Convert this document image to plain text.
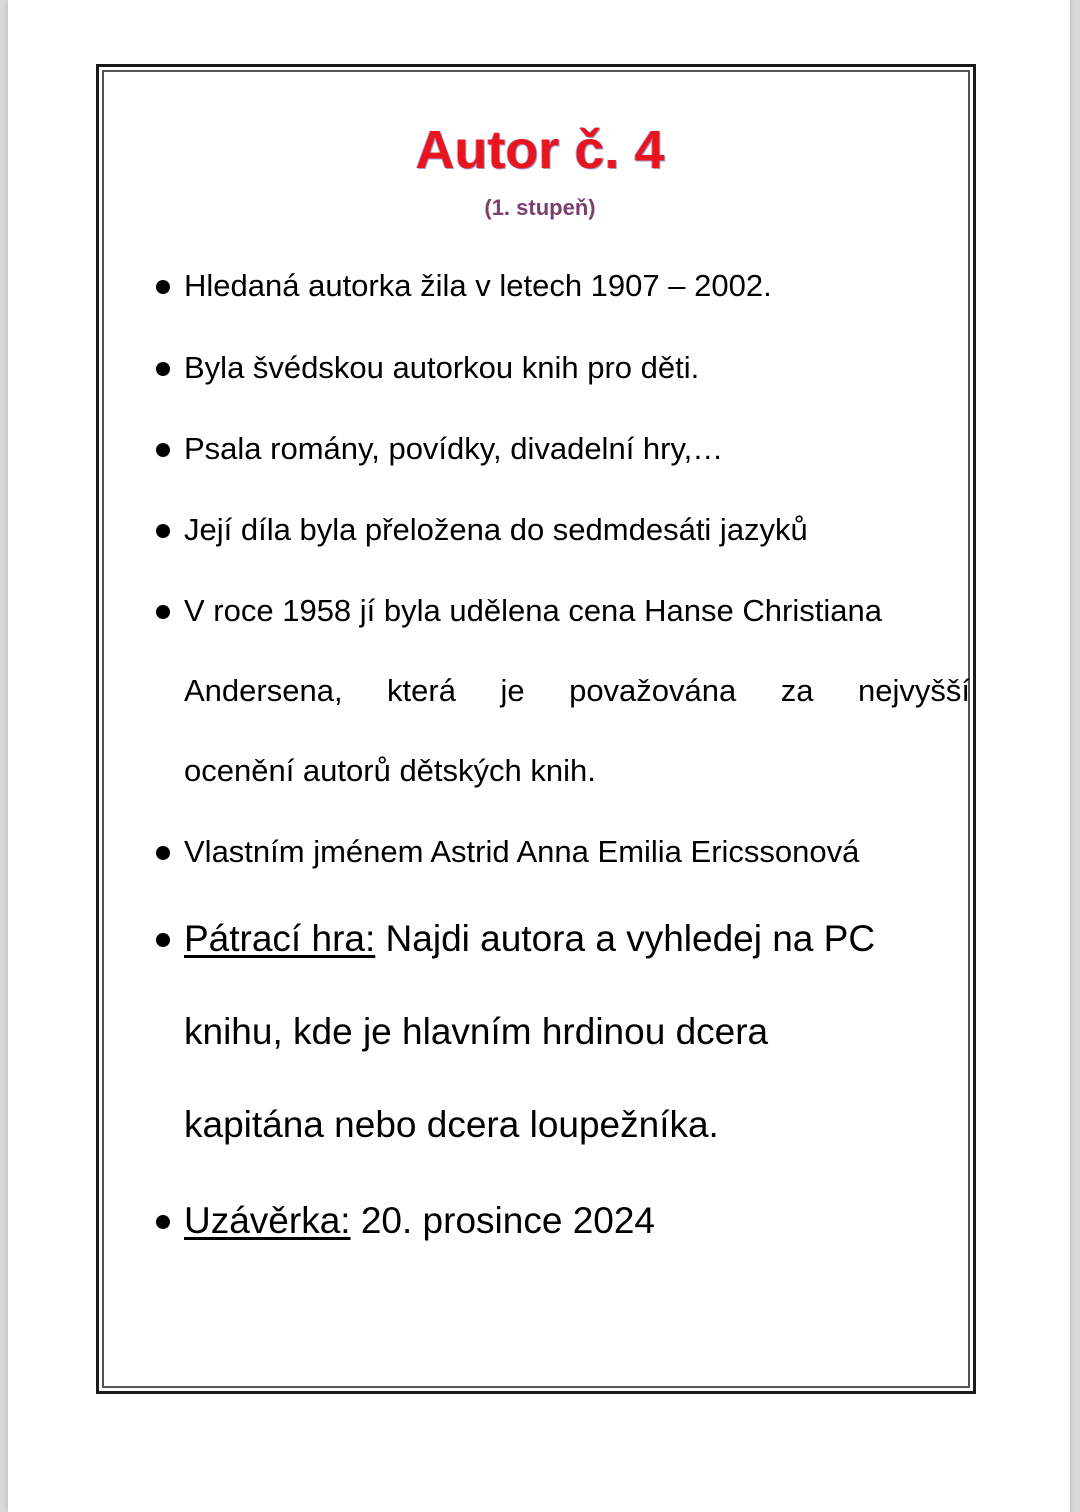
Autor č. 4
(1. stupeň)
Hledaná autorka žila v letech 1907 – 2002.
Byla švédskou autorkou knih pro děti.
Psala romány, povídky, divadelní hry,…
Její díla byla přeložena do sedmdesáti jazyků
V roce 1958 jí byla udělena cena Hanse Christiana
Andersena, která je považována za nejvyšší
ocenění autorů dětských knih.
Vlastním jménem Astrid Anna Emilia Ericssonová
Pátrací hra: Najdi autora a vyhledej na PC
knihu, kde je hlavním hrdinou dcera
kapitána nebo dcera loupežníka.
Uzávěrka: 20. prosince 2024
